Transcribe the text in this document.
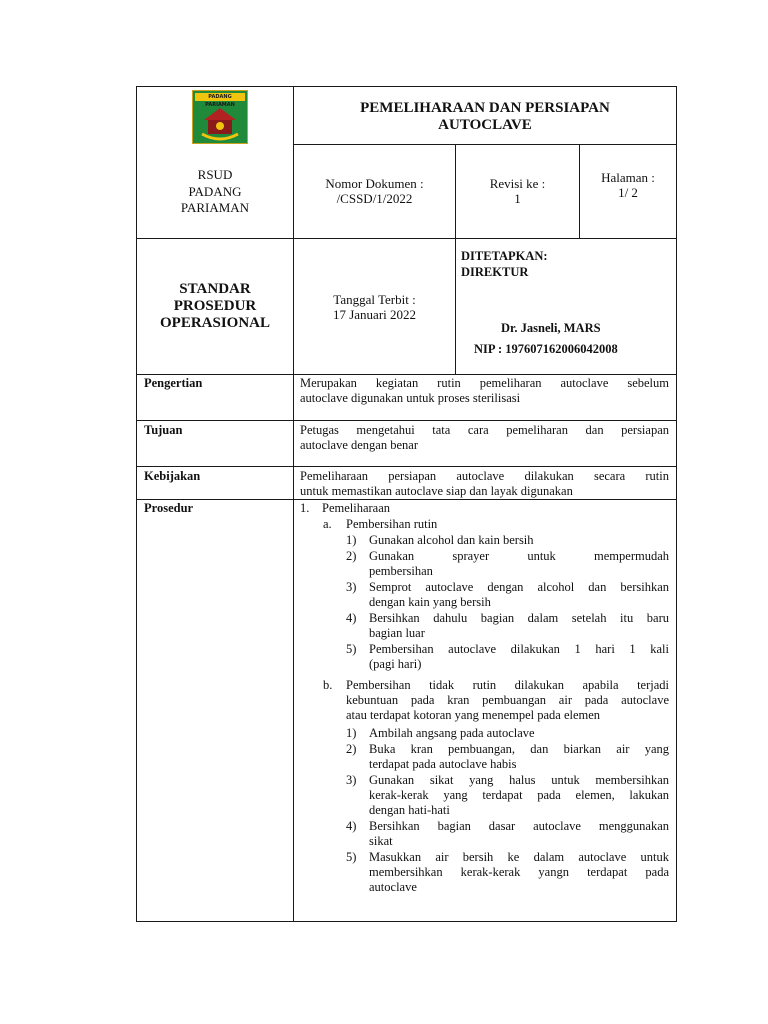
PADANG PARIAMAN
RSUD
PADANG
PARIAMAN
PEMELIHARAAN DAN PERSIAPAN
AUTOCLAVE
Nomor Dokumen :
/CSSD/1/2022
Revisi ke :
1
Halaman :
1/ 2
STANDAR
PROSEDUR
OPERASIONAL
Tanggal Terbit :
17 Januari 2022
DITETAPKAN:
DIREKTUR
Dr. Jasneli, MARS
NIP : 197607162006042008
Pengertian	Merupakan kegiatan rutin pemeliharan autoclave sebelum
autoclave digunakan untuk proses sterilisasi
Tujuan	Petugas mengetahui tata cara pemeliharan dan persiapan
autoclave dengan benar
Kebijakan	Pemeliharaan persiapan autoclave dilakukan secara rutin
untuk memastikan autoclave siap dan layak digunakan
Prosedur	1. Pemeliharaan
a. Pembersihan rutin
1) Gunakan alcohol dan kain bersih
2) Gunakan sprayer untuk mempermudah
pembersihan
3) Semprot autoclave dengan alcohol dan bersihkan
dengan kain yang bersih
4) Bersihkan dahulu bagian dalam setelah itu baru
bagian luar
5) Pembersihan autoclave dilakukan 1 hari 1 kali
(pagi hari)
b. Pembersihan tidak rutin dilakukan apabila terjadi
kebuntuan pada kran pembuangan air pada autoclave
atau terdapat kotoran yang menempel pada elemen
1) Ambilah angsang pada autoclave
2) Buka kran pembuangan, dan biarkan air yang
terdapat pada autoclave habis
3) Gunakan sikat yang halus untuk membersihkan
kerak-kerak yang terdapat pada elemen, lakukan
dengan hati-hati
4) Bersihkan bagian dasar autoclave menggunakan
sikat
5) Masukkan air bersih ke dalam autoclave untuk
membersihkan kerak-kerak yangn terdapat pada
autoclave
